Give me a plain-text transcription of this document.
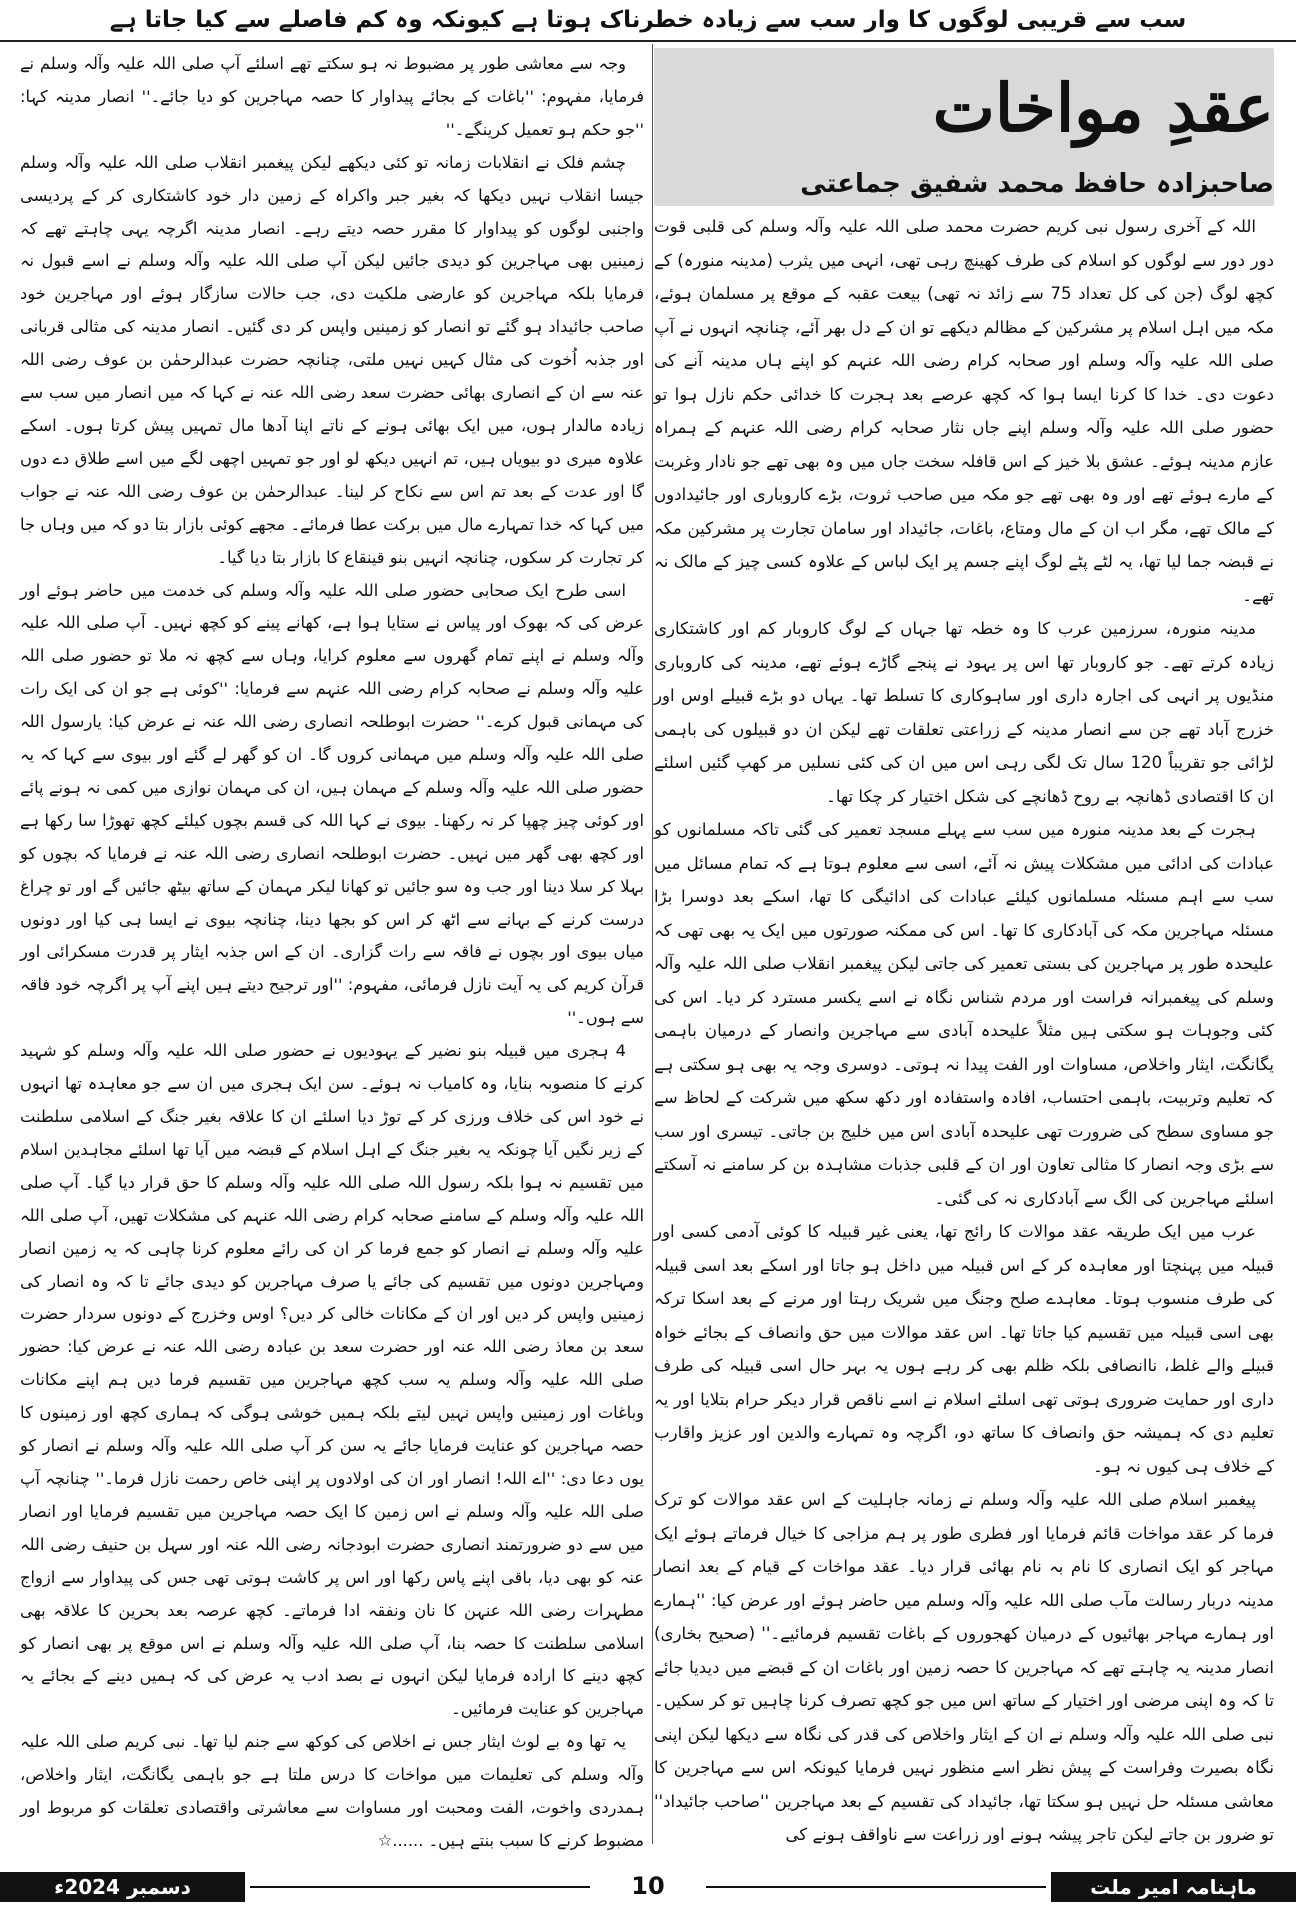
سب سے قریبی لوگوں کا وار سب سے زیادہ خطرناک ہوتا ہے کیونکہ وہ کم فاصلے سے کیا جاتا ہے
عقدِ مواخات
صاحبزادہ حافظ محمد شفیق جماعتی

اللہ کے آخری رسول نبی کریم حضرت محمد صلی اللہ علیہ وآلہ وسلم کی قلبی قوت دور دور سے لوگوں کو اسلام کی طرف کھینچ رہی تھی، انہی میں یثرب (مدینہ منورہ) کے کچھ لوگ (جن کی کل تعداد 75 سے زائد نہ تھی) بیعت عقبہ کے موقع پر مسلمان ہوئے، مکہ میں اہل اسلام پر مشرکین کے مظالم دیکھے تو ان کے دل بھر آئے، چنانچہ انہوں نے آپ صلی اللہ علیہ وآلہ وسلم اور صحابہ کرام رضی اللہ عنہم کو اپنے ہاں مدینہ آنے کی دعوت دی۔ خدا کا کرنا ایسا ہوا کہ کچھ عرصے بعد ہجرت کا خدائی حکم نازل ہوا تو حضور صلی اللہ علیہ وآلہ وسلم اپنے جاں نثار صحابہ کرام رضی اللہ عنہم کے ہمراہ عازم مدینہ ہوئے۔ عشق بلا خیز کے اس قافلہ سخت جاں میں وہ بھی تھے جو نادار وغربت کے مارے ہوئے تھے اور وہ بھی تھے جو مکہ میں صاحب ثروت، بڑے کاروباری اور جائیدادوں کے مالک تھے، مگر اب ان کے مال ومتاع، باغات، جائیداد اور سامان تجارت پر مشرکین مکہ نے قبضہ جما لیا تھا، یہ لٹے پٹے لوگ اپنے جسم پر ایک لباس کے علاوہ کسی چیز کے مالک نہ تھے۔

مدینہ منورہ، سرزمین عرب کا وہ خطہ تھا جہاں کے لوگ کاروبار کم اور کاشتکاری زیادہ کرتے تھے۔ جو کاروبار تھا اس پر یہود نے پنجے گاڑے ہوئے تھے، مدینہ کی کاروباری منڈیوں پر انہی کی اجارہ داری اور ساہوکاری کا تسلط تھا۔ یہاں دو بڑے قبیلے اوس اور خزرج آباد تھے جن سے انصار مدینہ کے زراعتی تعلقات تھے لیکن ان دو قبیلوں کی باہمی لڑائی جو تقریباً 120 سال تک لگی رہی اس میں ان کی کئی نسلیں مر کھپ گئیں اسلئے ان کا اقتصادی ڈھانچہ بے روح ڈھانچے کی شکل اختیار کر چکا تھا۔

ہجرت کے بعد مدینہ منورہ میں سب سے پہلے مسجد تعمیر کی گئی تاکہ مسلمانوں کو عبادات کی ادائی میں مشکلات پیش نہ آئے، اسی سے معلوم ہوتا ہے کہ تمام مسائل میں سب سے اہم مسئلہ مسلمانوں کیلئے عبادات کی ادائیگی کا تھا، اسکے بعد دوسرا بڑا مسئلہ مہاجرین مکہ کی آبادکاری کا تھا۔ اس کی ممکنہ صورتوں میں ایک یہ بھی تھی کہ علیحدہ طور پر مہاجرین کی بستی تعمیر کی جاتی لیکن پیغمبر انقلاب صلی اللہ علیہ وآلہ وسلم کی پیغمبرانہ فراست اور مردم شناس نگاہ نے اسے یکسر مسترد کر دیا۔ اس کی کئی وجوہات ہو سکتی ہیں مثلاً علیحدہ آبادی سے مہاجرین وانصار کے درمیان باہمی یگانگت، ایثار واخلاص، مساوات اور الفت پیدا نہ ہوتی۔ دوسری وجہ یہ بھی ہو سکتی ہے کہ تعلیم وتربیت، باہمی احتساب، افادہ واستفادہ اور دکھ سکھ میں شرکت کے لحاظ سے جو مساوی سطح کی ضرورت تھی علیحدہ آبادی اس میں خلیج بن جاتی۔ تیسری اور سب سے بڑی وجہ انصار کا مثالی تعاون اور ان کے قلبی جذبات مشاہدہ بن کر سامنے نہ آسکتے اسلئے مہاجرین کی الگ سے آبادکاری نہ کی گئی۔

عرب میں ایک طریقہ عقد موالات کا رائج تھا، یعنی غیر قبیلہ کا کوئی آدمی کسی اور قبیلہ میں پہنچتا اور معاہدہ کر کے اس قبیلہ میں داخل ہو جاتا اور اسکے بعد اسی قبیلہ کی طرف منسوب ہوتا۔ معاہدے صلح وجنگ میں شریک رہتا اور مرنے کے بعد اسکا ترکہ بھی اسی قبیلہ میں تقسیم کیا جاتا تھا۔ اس عقد موالات میں حق وانصاف کے بجائے خواہ قبیلے والے غلط، ناانصافی بلکہ ظلم بھی کر رہے ہوں یہ بہر حال اسی قبیلہ کی طرف داری اور حمایت ضروری ہوتی تھی اسلئے اسلام نے اسے ناقص قرار دیکر حرام بتلایا اور یہ تعلیم دی کہ ہمیشہ حق وانصاف کا ساتھ دو، اگرچہ وہ تمہارے والدین اور عزیز واقارب کے خلاف ہی کیوں نہ ہو۔

پیغمبر اسلام صلی اللہ علیہ وآلہ وسلم نے زمانہ جاہلیت کے اس عقد موالات کو ترک فرما کر عقد مواخات قائم فرمایا اور فطری طور پر ہم مزاجی کا خیال فرماتے ہوئے ایک مہاجر کو ایک انصاری کا نام بہ نام بھائی قرار دیا۔ عقد مواخات کے قیام کے بعد انصار مدینہ دربار رسالت مآب صلی اللہ علیہ وآلہ وسلم میں حاضر ہوئے اور عرض کیا: ''ہمارے اور ہمارے مہاجر بھائیوں کے درمیان کھجوروں کے باغات تقسیم فرمائیے۔'' (صحیح بخاری) انصار مدینہ یہ چاہتے تھے کہ مہاجرین کا حصہ زمین اور باغات ان کے قبضے میں دیدیا جائے تا کہ وہ اپنی مرضی اور اختیار کے ساتھ اس میں جو کچھ تصرف کرنا چاہیں تو کر سکیں۔ نبی صلی اللہ علیہ وآلہ وسلم نے ان کے ایثار واخلاص کی قدر کی نگاہ سے دیکھا لیکن اپنی نگاہ بصیرت وفراست کے پیش نظر اسے منظور نہیں فرمایا کیونکہ اس سے مہاجرین کا معاشی مسئلہ حل نہیں ہو سکتا تھا، جائیداد کی تقسیم کے بعد مہاجرین ''صاحب جائیداد'' تو ضرور بن جاتے لیکن تاجر پیشہ ہونے اور زراعت سے ناواقف ہونے کی

وجہ سے معاشی طور پر مضبوط نہ ہو سکتے تھے اسلئے آپ صلی اللہ علیہ وآلہ وسلم نے فرمایا، مفہوم: ''باغات کے بجائے پیداوار کا حصہ مہاجرین کو دیا جائے۔'' انصار مدینہ کہا: ''جو حکم ہو تعمیل کرینگے۔''

چشم فلک نے انقلابات زمانہ تو کئی دیکھے لیکن پیغمبر انقلاب صلی اللہ علیہ وآلہ وسلم جیسا انقلاب نہیں دیکھا کہ بغیر جبر واکراہ کے زمین دار خود کاشتکاری کر کے پردیسی واجنبی لوگوں کو پیداوار کا مقرر حصہ دیتے رہے۔ انصار مدینہ اگرچہ یہی چاہتے تھے کہ زمینیں بھی مہاجرین کو دیدی جائیں لیکن آپ صلی اللہ علیہ وآلہ وسلم نے اسے قبول نہ فرمایا بلکہ مہاجرین کو عارضی ملکیت دی، جب حالات سازگار ہوئے اور مہاجرین خود صاحب جائیداد ہو گئے تو انصار کو زمینیں واپس کر دی گئیں۔ انصار مدینہ کی مثالی قربانی اور جذبہ اُخوت کی مثال کہیں نہیں ملتی، چنانچہ حضرت عبدالرحمٰن بن عوف رضی اللہ عنہ سے ان کے انصاری بھائی حضرت سعد رضی اللہ عنہ نے کہا کہ میں انصار میں سب سے زیادہ مالدار ہوں، میں ایک بھائی ہونے کے ناتے اپنا آدھا مال تمہیں پیش کرتا ہوں۔ اسکے علاوہ میری دو بیویاں ہیں، تم انہیں دیکھ لو اور جو تمہیں اچھی لگے میں اسے طلاق دے دوں گا اور عدت کے بعد تم اس سے نکاح کر لینا۔ عبدالرحمٰن بن عوف رضی اللہ عنہ نے جواب میں کہا کہ خدا تمہارے مال میں برکت عطا فرمائے۔ مجھے کوئی بازار بتا دو کہ میں وہاں جا کر تجارت کر سکوں، چنانچہ انہیں بنو قینقاع کا بازار بتا دیا گیا۔

اسی طرح ایک صحابی حضور صلی اللہ علیہ وآلہ وسلم کی خدمت میں حاضر ہوئے اور عرض کی کہ بھوک اور پیاس نے ستایا ہوا ہے، کھانے پینے کو کچھ نہیں۔ آپ صلی اللہ علیہ وآلہ وسلم نے اپنے تمام گھروں سے معلوم کرایا، وہاں سے کچھ نہ ملا تو حضور صلی اللہ علیہ وآلہ وسلم نے صحابہ کرام رضی اللہ عنہم سے فرمایا: ''کوئی ہے جو ان کی ایک رات کی مہمانی قبول کرے۔'' حضرت ابوطلحہ انصاری رضی اللہ عنہ نے عرض کیا: یارسول اللہ صلی اللہ علیہ وآلہ وسلم میں مہمانی کروں گا۔ ان کو گھر لے گئے اور بیوی سے کہا کہ یہ حضور صلی اللہ علیہ وآلہ وسلم کے مہمان ہیں، ان کی مہمان نوازی میں کمی نہ ہونے پائے اور کوئی چیز چھپا کر نہ رکھنا۔ بیوی نے کہا اللہ کی قسم بچوں کیلئے کچھ تھوڑا سا رکھا ہے اور کچھ بھی گھر میں نہیں۔ حضرت ابوطلحہ انصاری رضی اللہ عنہ نے فرمایا کہ بچوں کو بہلا کر سلا دینا اور جب وہ سو جائیں تو کھانا لیکر مہمان کے ساتھ بیٹھ جائیں گے اور تو چراغ درست کرنے کے بہانے سے اٹھ کر اس کو بجھا دینا، چنانچہ بیوی نے ایسا ہی کیا اور دونوں میاں بیوی اور بچوں نے فاقہ سے رات گزاری۔ ان کے اس جذبہ ایثار پر قدرت مسکرائی اور قرآن کریم کی یہ آیت نازل فرمائی، مفہوم: ''اور ترجیح دیتے ہیں اپنے آپ پر اگرچہ خود فاقہ سے ہوں۔''

4 ہجری میں قبیلہ بنو نضیر کے یہودیوں نے حضور صلی اللہ علیہ وآلہ وسلم کو شہید کرنے کا منصوبہ بنایا، وہ کامیاب نہ ہوئے۔ سن ایک ہجری میں ان سے جو معاہدہ تھا انہوں نے خود اس کی خلاف ورزی کر کے توڑ دیا اسلئے ان کا علاقہ بغیر جنگ کے اسلامی سلطنت کے زیر نگیں آیا چونکہ یہ بغیر جنگ کے اہل اسلام کے قبضہ میں آیا تھا اسلئے مجاہدین اسلام میں تقسیم نہ ہوا بلکہ رسول اللہ صلی اللہ علیہ وآلہ وسلم کا حق قرار دیا گیا۔ آپ صلی اللہ علیہ وآلہ وسلم کے سامنے صحابہ کرام رضی اللہ عنہم کی مشکلات تھیں، آپ صلی اللہ علیہ وآلہ وسلم نے انصار کو جمع فرما کر ان کی رائے معلوم کرنا چاہی کہ یہ زمین انصار ومہاجرین دونوں میں تقسیم کی جائے یا صرف مہاجرین کو دیدی جائے تا کہ وہ انصار کی زمینیں واپس کر دیں اور ان کے مکانات خالی کر دیں؟ اوس وخزرج کے دونوں سردار حضرت سعد بن معاذ رضی اللہ عنہ اور حضرت سعد بن عبادہ رضی اللہ عنہ نے عرض کیا: حضور صلی اللہ علیہ وآلہ وسلم یہ سب کچھ مہاجرین میں تقسیم فرما دیں ہم اپنے مکانات وباغات اور زمینیں واپس نہیں لیتے بلکہ ہمیں خوشی ہوگی کہ ہماری کچھ اور زمینوں کا حصہ مہاجرین کو عنایت فرمایا جائے یہ سن کر آپ صلی اللہ علیہ وآلہ وسلم نے انصار کو یوں دعا دی: ''اے اللہ! انصار اور ان کی اولادوں پر اپنی خاص رحمت نازل فرما۔'' چنانچہ آپ صلی اللہ علیہ وآلہ وسلم نے اس زمین کا ایک حصہ مہاجرین میں تقسیم فرمایا اور انصار میں سے دو ضرورتمند انصاری حضرت ابودجانہ رضی اللہ عنہ اور سہل بن حنیف رضی اللہ عنہ کو بھی دیا، باقی اپنے پاس رکھا اور اس پر کاشت ہوتی تھی جس کی پیداوار سے ازواج مطہرات رضی اللہ عنہن کا نان ونفقہ ادا فرماتے۔ کچھ عرصہ بعد بحرین کا علاقہ بھی اسلامی سلطنت کا حصہ بنا، آپ صلی اللہ علیہ وآلہ وسلم نے اس موقع پر بھی انصار کو کچھ دینے کا ارادہ فرمایا لیکن انہوں نے بصد ادب یہ عرض کی کہ ہمیں دینے کے بجائے یہ مہاجرین کو عنایت فرمائیں۔

یہ تھا وہ بے لوث ایثار جس نے اخلاص کی کوکھ سے جنم لیا تھا۔ نبی کریم صلی اللہ علیہ وآلہ وسلم کی تعلیمات میں مواخات کا درس ملتا ہے جو باہمی یگانگت، ایثار واخلاص، ہمدردی واخوت، الفت ومحبت اور مساوات سے معاشرتی واقتصادی تعلقات کو مربوط اور مضبوط کرنے کا سبب بنتے ہیں۔ ......☆

ماہنامہ امیر ملت
10
دسمبر 2024ء
